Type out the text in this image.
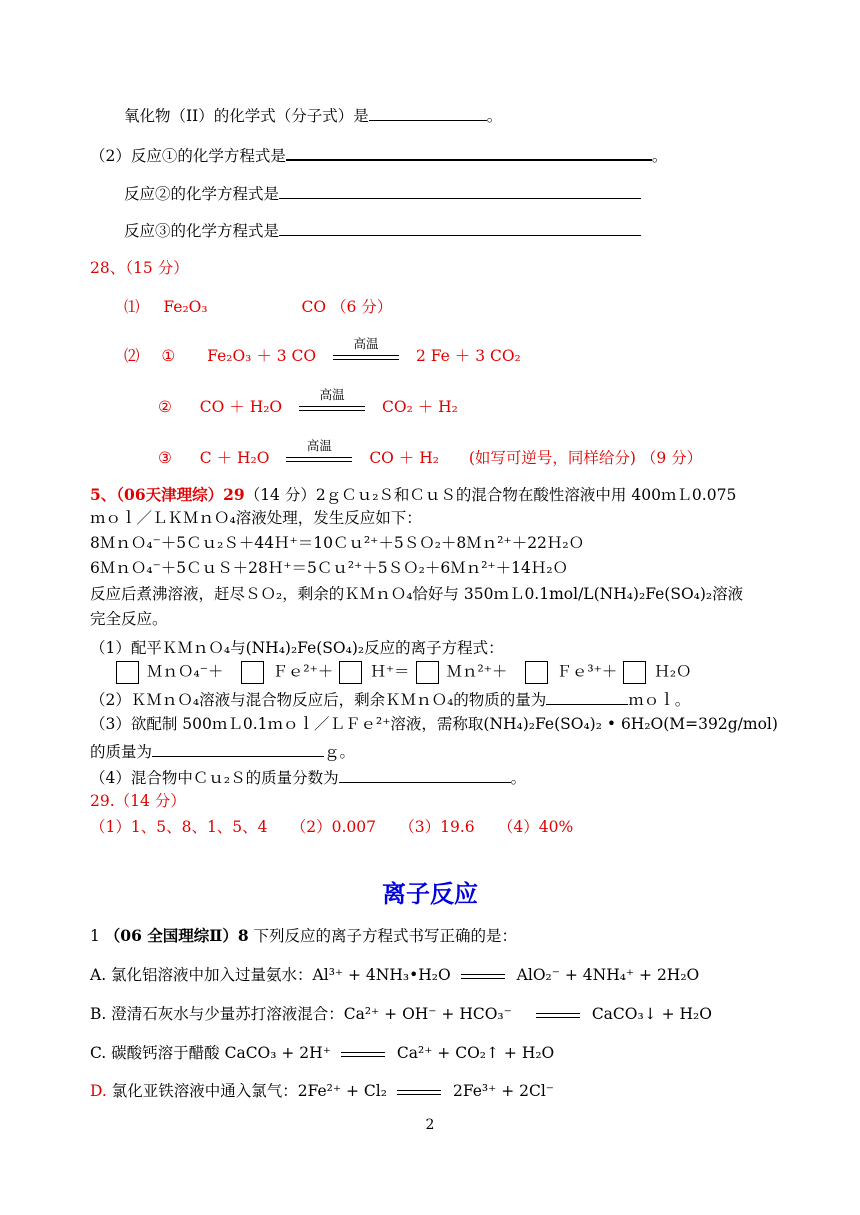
氧化物（II）的化学式（分子式）是	。
（2）反应①的化学方程式是	。
反应②的化学方程式是
反应③的化学方程式是
28、（15 分）
⑴ Fe₂O₃	CO （6 分）
⑵ ① Fe₂O₃ ＋ 3 CO
高温
2 Fe ＋ 3 CO₂
② CO ＋ H₂O
高温
CO₂ ＋ H₂
③ C ＋ H₂O
高温
CO ＋ H₂ (如写可逆号，同样给分) （9 分）
5、（06天津理综）29（14 分）2ｇＣｕ₂Ｓ和ＣｕＳ的混合物在酸性溶液中用 400ｍＬ0.075
ｍｏｌ／ＬＫＭｎＯ₄溶液处理，发生反应如下：
8ＭｎＯ₄⁻＋5Ｃｕ₂Ｓ＋44Ｈ⁺＝10Ｃｕ²⁺＋5ＳＯ₂＋8Ｍｎ²⁺＋22Ｈ₂Ｏ
6ＭｎＯ₄⁻＋5ＣｕＳ＋28Ｈ⁺＝5Ｃｕ²⁺＋5ＳＯ₂＋6Ｍｎ²⁺＋14Ｈ₂Ｏ
反应后煮沸溶液，赶尽ＳＯ₂，剩余的ＫＭｎＯ₄恰好与 350ｍＬ0.1mol/L(NH₄)₂Fe(SO₄)₂溶液
完全反应。
（1）配平ＫＭｎＯ₄与(NH₄)₂Fe(SO₄)₂反应的离子方程式：
ＭｎＯ₄⁻＋	Ｆｅ²⁺＋ Ｈ⁺＝ Ｍｎ²⁺＋	Ｆｅ³⁺＋ Ｈ₂Ｏ
（2）ＫＭｎＯ₄溶液与混合物反应后，剩余ＫＭｎＯ₄的物质的量为	ｍｏｌ。
（3）欲配制 500ｍＬ0.1ｍｏｌ／ＬＦｅ²⁺溶液，需称取(NH₄)₂Fe(SO₄)₂ • 6H₂O(M=392g/mol)
的质量为	ｇ。
（4）混合物中Ｃｕ₂Ｓ的质量分数为	。
29.（14 分）
（1）1、5、8、1、5、4　　（2）0.007　　（3）19.6　　（4）40%
离子反应
1 （06 全国理综Ⅱ）8 下列反应的离子方程式书写正确的是：
A. 氯化铝溶液中加入过量氨水：Al³⁺ + 4NH₃•H₂O	AlO₂⁻ + 4NH₄⁺ + 2H₂O
B. 澄清石灰水与少量苏打溶液混合：Ca²⁺ + OH⁻ + HCO₃⁻	CaCO₃↓ + H₂O
C. 碳酸钙溶于醋酸 CaCO₃ + 2H⁺	Ca²⁺ + CO₂↑ + H₂O
D. 氯化亚铁溶液中通入氯气：2Fe²⁺ + Cl₂	2Fe³⁺ + 2Cl⁻
2
